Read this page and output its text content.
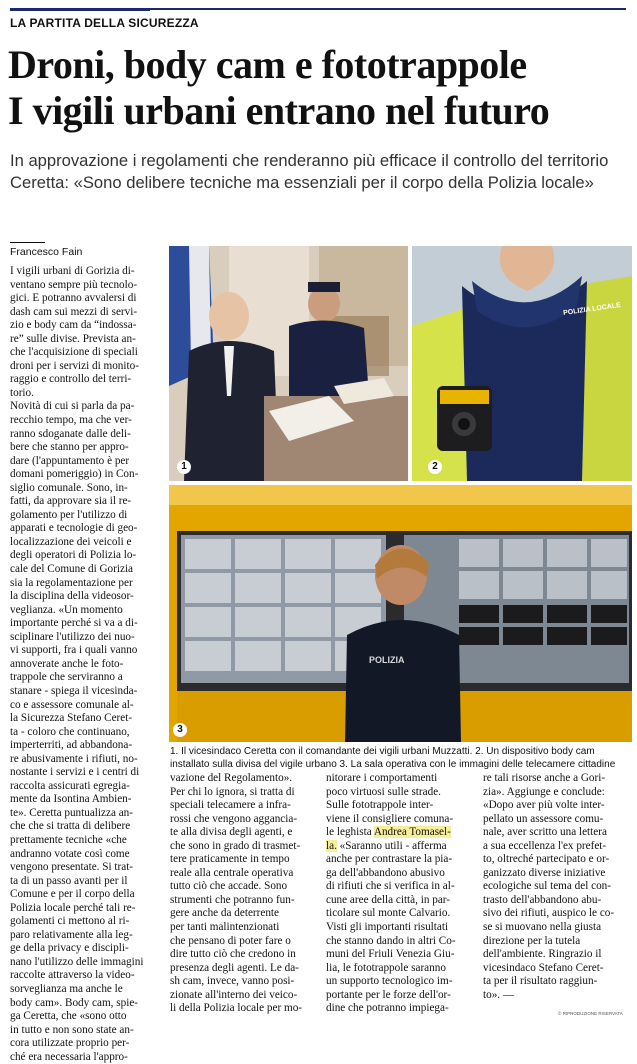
LA PARTITA DELLA SICUREZZA
Droni, body cam e fototrappole
I vigili urbani entrano nel futuro
In approvazione i regolamenti che renderanno più efficace il controllo del territorio
Ceretta: «Sono delibere tecniche ma essenziali per il corpo della Polizia locale»
Francesco Fain
I vigili urbani di Gorizia di-
ventano sempre più tecnolo-
gici. E potranno avvalersi di
dash cam sui mezzi di servi-
zio e body cam da “indossa-
re” sulle divise. Prevista an-
che l'acquisizione di speciali
droni per i servizi di monito-
raggio e controllo del terri-
torio.
Novità di cui si parla da pa-
recchio tempo, ma che ver-
ranno sdoganate dalle deli-
bere che stanno per appro-
dare (l'appuntamento è per
domani pomeriggio) in Con-
siglio comunale. Sono, in-
fatti, da approvare sia il re-
golamento per l'utilizzo di
apparati e tecnologie di geo-
localizzazione dei veicoli e
degli operatori di Polizia lo-
cale del Comune di Gorizia
sia la regolamentazione per
la disciplina della videosor-
veglianza. «Un momento
importante perché si va a di-
sciplinare l'utilizzo dei nuo-
vi supporti, fra i quali vanno
annoverate anche le foto-
trappole che serviranno a
stanare - spiega il vicesinda-
co e assessore comunale al-
la Sicurezza Stefano Ceret-
ta - coloro che continuano,
imperterriti, ad abbandona-
re abusivamente i rifiuti, no-
nostante i servizi e i centri di
raccolta assicurati egregia-
mente da Isontina Ambien-
te». Ceretta puntualizza an-
che che si tratta di delibere
prettamente tecniche «che
andranno votate così come
vengono presentate. Si trat-
ta di un passo avanti per il
Comune e per il corpo della
Polizia locale perché tali re-
golamenti ci mettono al ri-
paro relativamente alla leg-
ge della privacy e discipli-
nano l'utilizzo delle immagini
raccolte attraverso la video-
sorveglianza ma anche le
body cam». Body cam, spie-
ga Ceretta, che «sono otto
in tutto e non sono state an-
cora utilizzate proprio per-
ché era necessaria l'appro-
1
POLIZIA LOCALE
2
POLIZIA
3
1. Il vicesindaco Ceretta con il comandante dei vigili urbani Muzzatti. 2. Un dispositivo body cam
installato sulla divisa del vigile urbano 3. La sala operativa con le immagini delle telecamere cittadine
vazione del Regolamento».
Per chi lo ignora, si tratta di
speciali telecamere a infra-
rossi che vengono aggancia-
te alla divisa degli agenti, e
che sono in grado di trasmet-
tere praticamente in tempo
reale alla centrale operativa
tutto ciò che accade. Sono
strumenti che potranno fun-
gere anche da deterrente
per tanti malintenzionati
che pensano di poter fare o
dire tutto ciò che credono in
presenza degli agenti. Le da-
sh cam, invece, vanno posi-
zionate all'interno dei veico-
li della Polizia locale per mo-
nitorare i comportamenti
poco virtuosi sulle strade.
Sulle fototrappole inter-
viene il consigliere comuna-
le leghista Andrea Tomasel-
la. «Saranno utili - afferma
anche per contrastare la pia-
ga dell'abbandono abusivo
di rifiuti che si verifica in al-
cune aree della città, in par-
ticolare sul monte Calvario.
Visti gli importanti risultati
che stanno dando in altri Co-
muni del Friuli Venezia Giu-
lia, le fototrappole saranno
un supporto tecnologico im-
portante per le forze dell'or-
dine che potranno impiega-
re tali risorse anche a Gori-
zia». Aggiunge e conclude:
«Dopo aver più volte inter-
pellato un assessore comu-
nale, aver scritto una lettera
a sua eccellenza l'ex prefet-
to, oltreché partecipato e or-
ganizzato diverse iniziative
ecologiche sul tema del con-
trasto dell'abbandono abu-
sivo dei rifiuti, auspico le co-
se si muovano nella giusta
direzione per la tutela
dell'ambiente. Ringrazio il
vicesindaco Stefano Ceret-
ta per il risultato raggiun-
to». —
© RIPRODUZIONE RISERVATA
